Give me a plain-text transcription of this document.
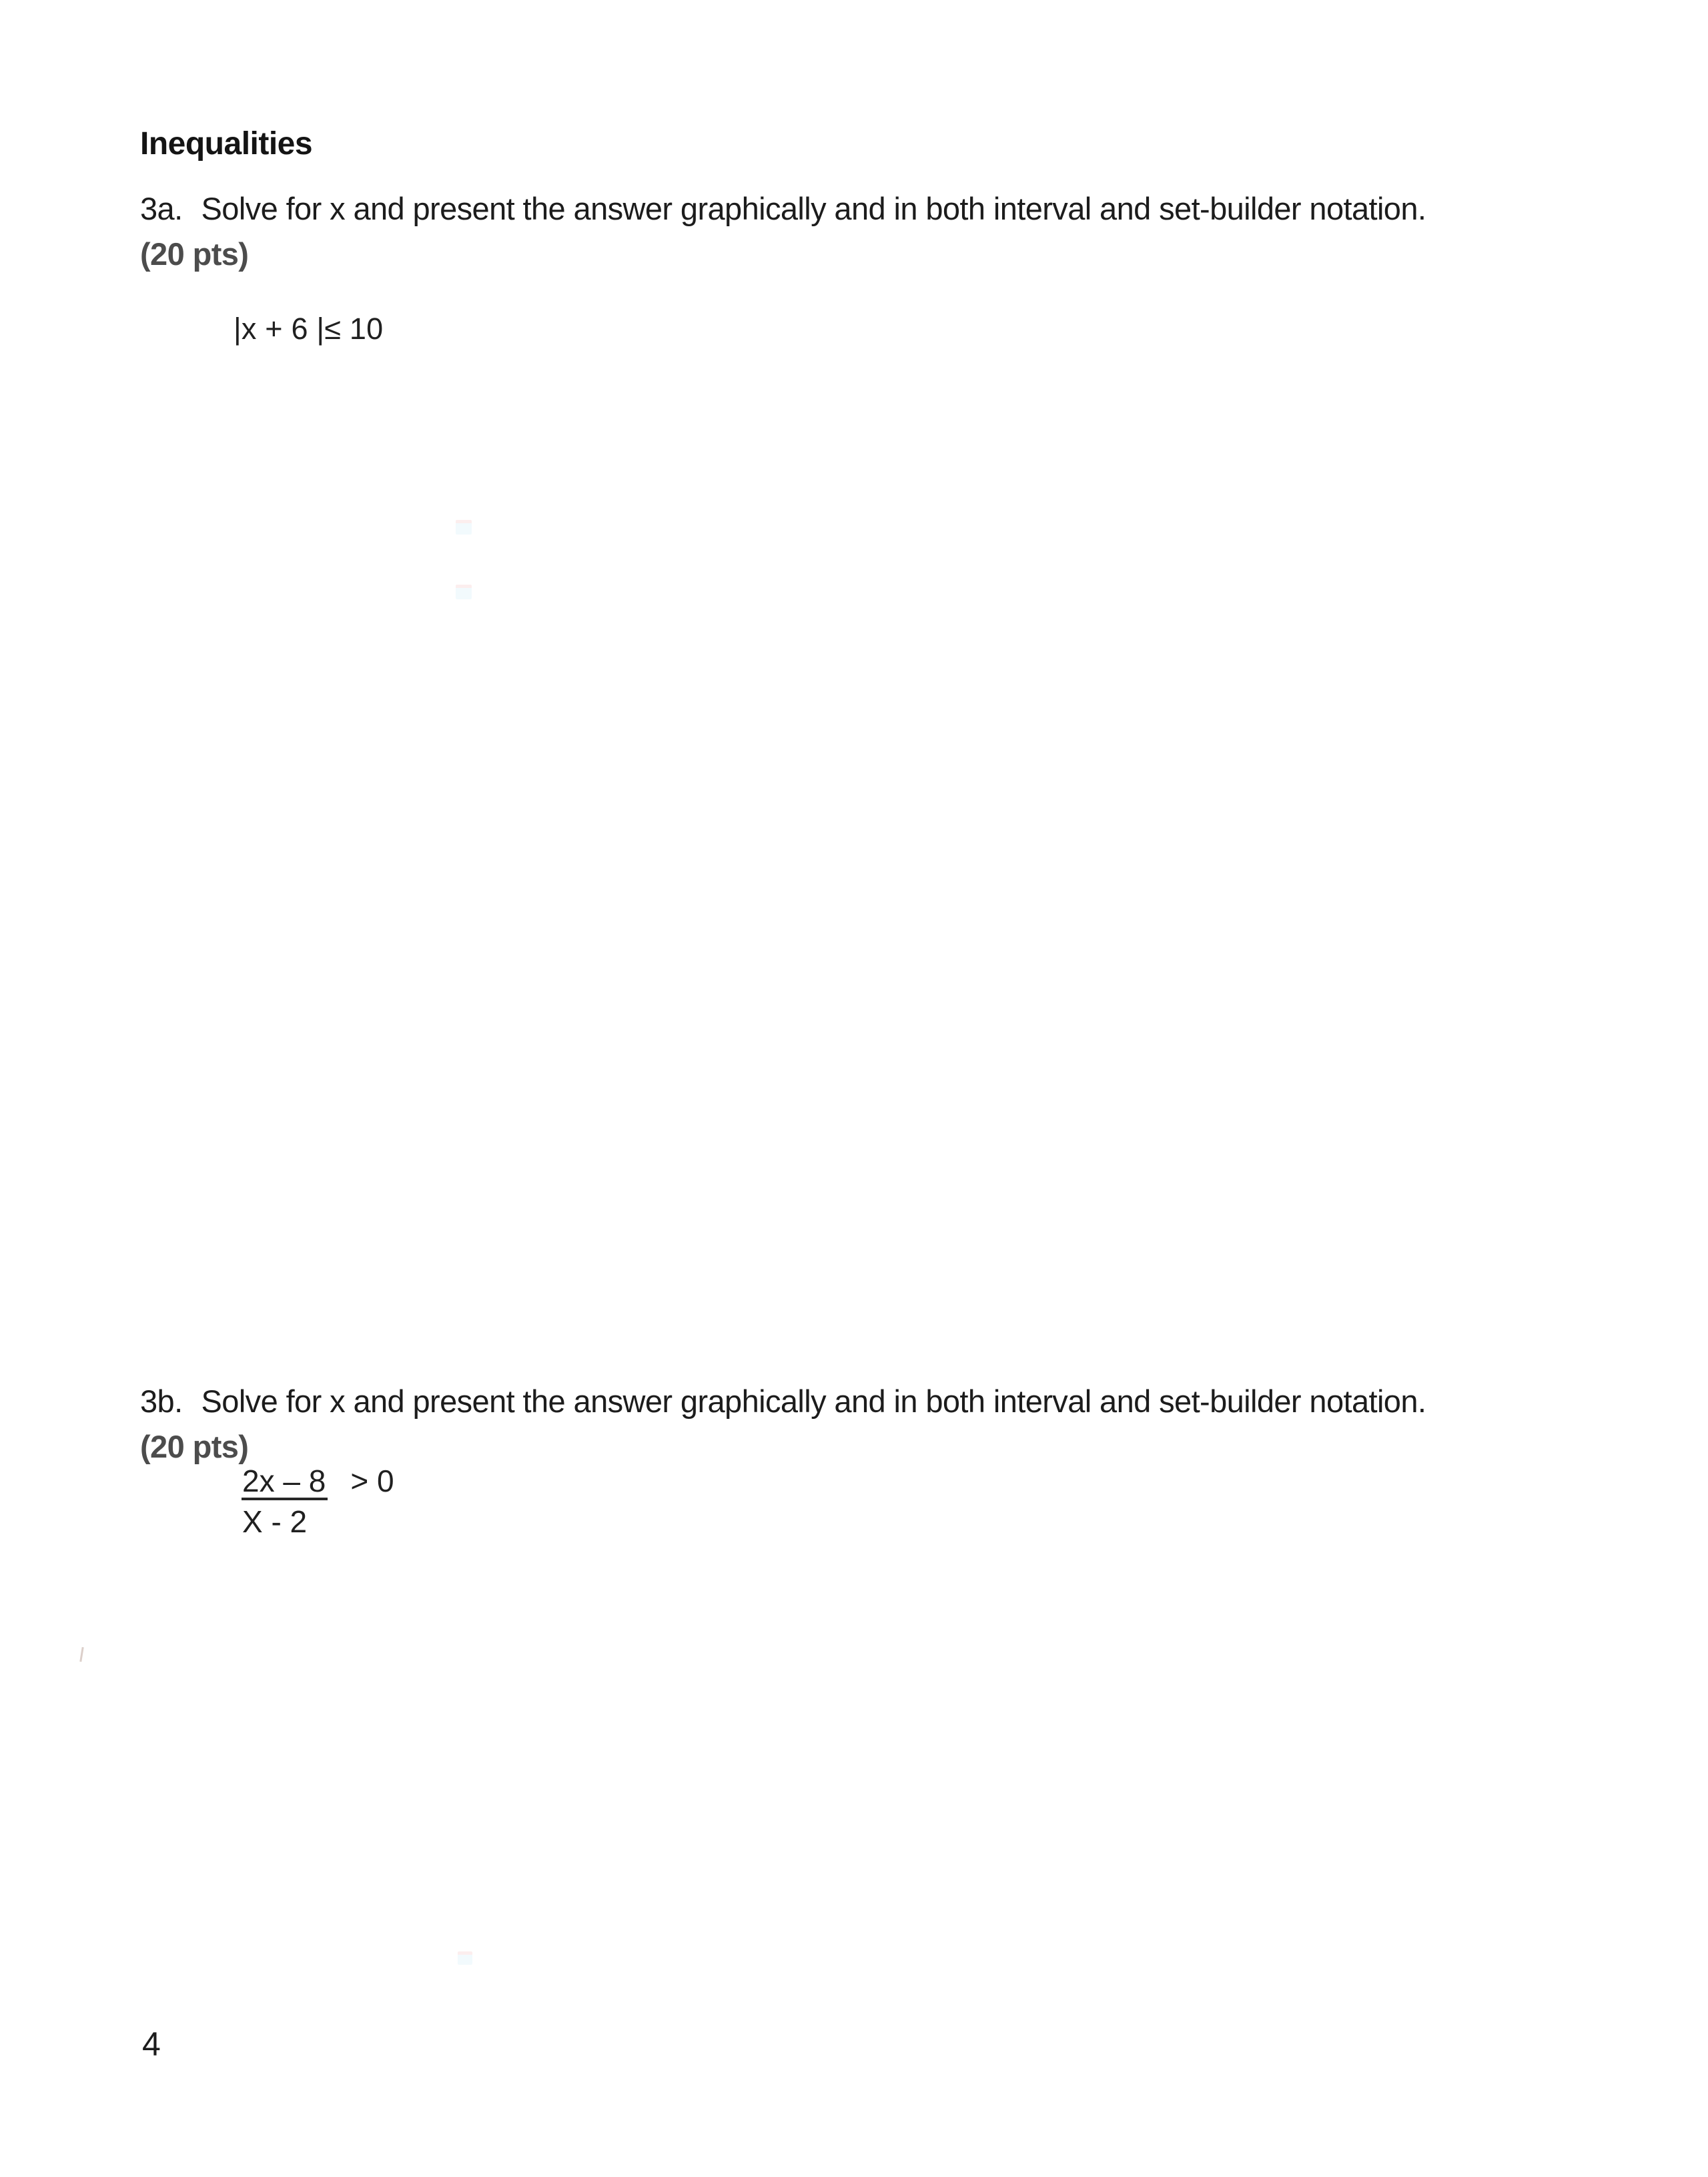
Inequalities
3a. Solve for x and present the answer graphically and in both interval and set-builder notation.
(20 pts)
|x + 6 |≤ 10
3b. Solve for x and present the answer graphically and in both interval and set-builder notation.
(20 pts)
2x – 8 > 0
X - 2
4
